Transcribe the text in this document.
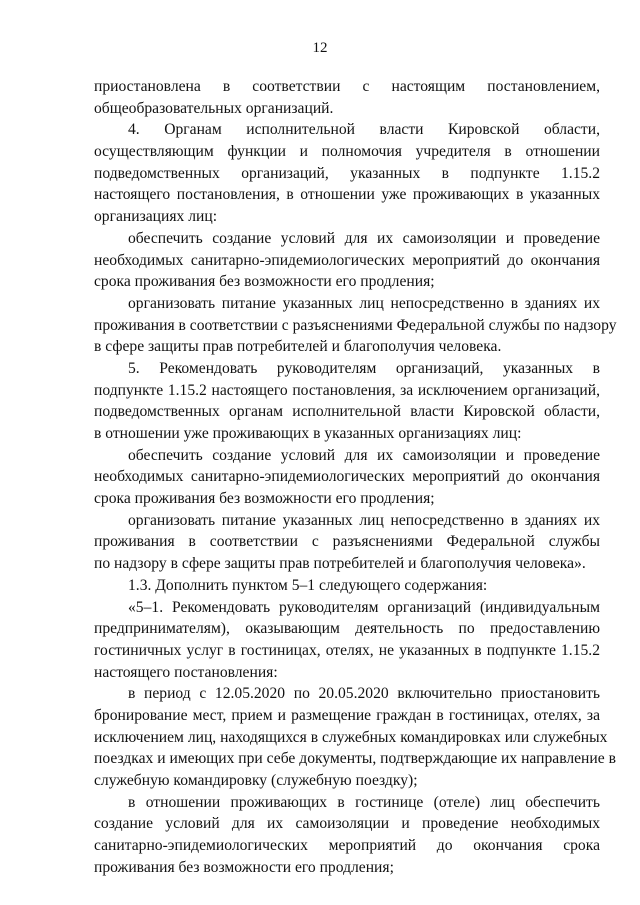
12
приостановлена в соответствии с настоящим постановлением,
общеобразовательных организаций.
4. Органам исполнительной власти Кировской области,
осуществляющим функции и полномочия учредителя в отношении
подведомственных организаций, указанных в подпункте 1.15.2
настоящего постановления, в отношении уже проживающих в указанных
организациях лиц:
обеспечить создание условий для их самоизоляции и проведение
необходимых санитарно-эпидемиологических мероприятий до окончания
срока проживания без возможности его продления;
организовать питание указанных лиц непосредственно в зданиях их
проживания в соответствии с разъяснениями Федеральной службы по надзору
в сфере защиты прав потребителей и благополучия человека.
5. Рекомендовать руководителям организаций, указанных в
подпункте 1.15.2 настоящего постановления, за исключением организаций,
подведомственных органам исполнительной власти Кировской области,
в отношении уже проживающих в указанных организациях лиц:
обеспечить создание условий для их самоизоляции и проведение
необходимых санитарно-эпидемиологических мероприятий до окончания
срока проживания без возможности его продления;
организовать питание указанных лиц непосредственно в зданиях их
проживания в соответствии с разъяснениями Федеральной службы
по надзору в сфере защиты прав потребителей и благополучия человека».
1.3. Дополнить пунктом 5–1 следующего содержания:
«5–1. Рекомендовать руководителям организаций (индивидуальным
предпринимателям), оказывающим деятельность по предоставлению
гостиничных услуг в гостиницах, отелях, не указанных в подпункте 1.15.2
настоящего постановления:
в период с 12.05.2020 по 20.05.2020 включительно приостановить
бронирование мест, прием и размещение граждан в гостиницах, отелях, за
исключением лиц, находящихся в служебных командировках или служебных
поездках и имеющих при себе документы, подтверждающие их направление в
служебную командировку (служебную поездку);
в отношении проживающих в гостинице (отеле) лиц обеспечить
создание условий для их самоизоляции и проведение необходимых
санитарно-эпидемиологических мероприятий до окончания срока
проживания без возможности его продления;
